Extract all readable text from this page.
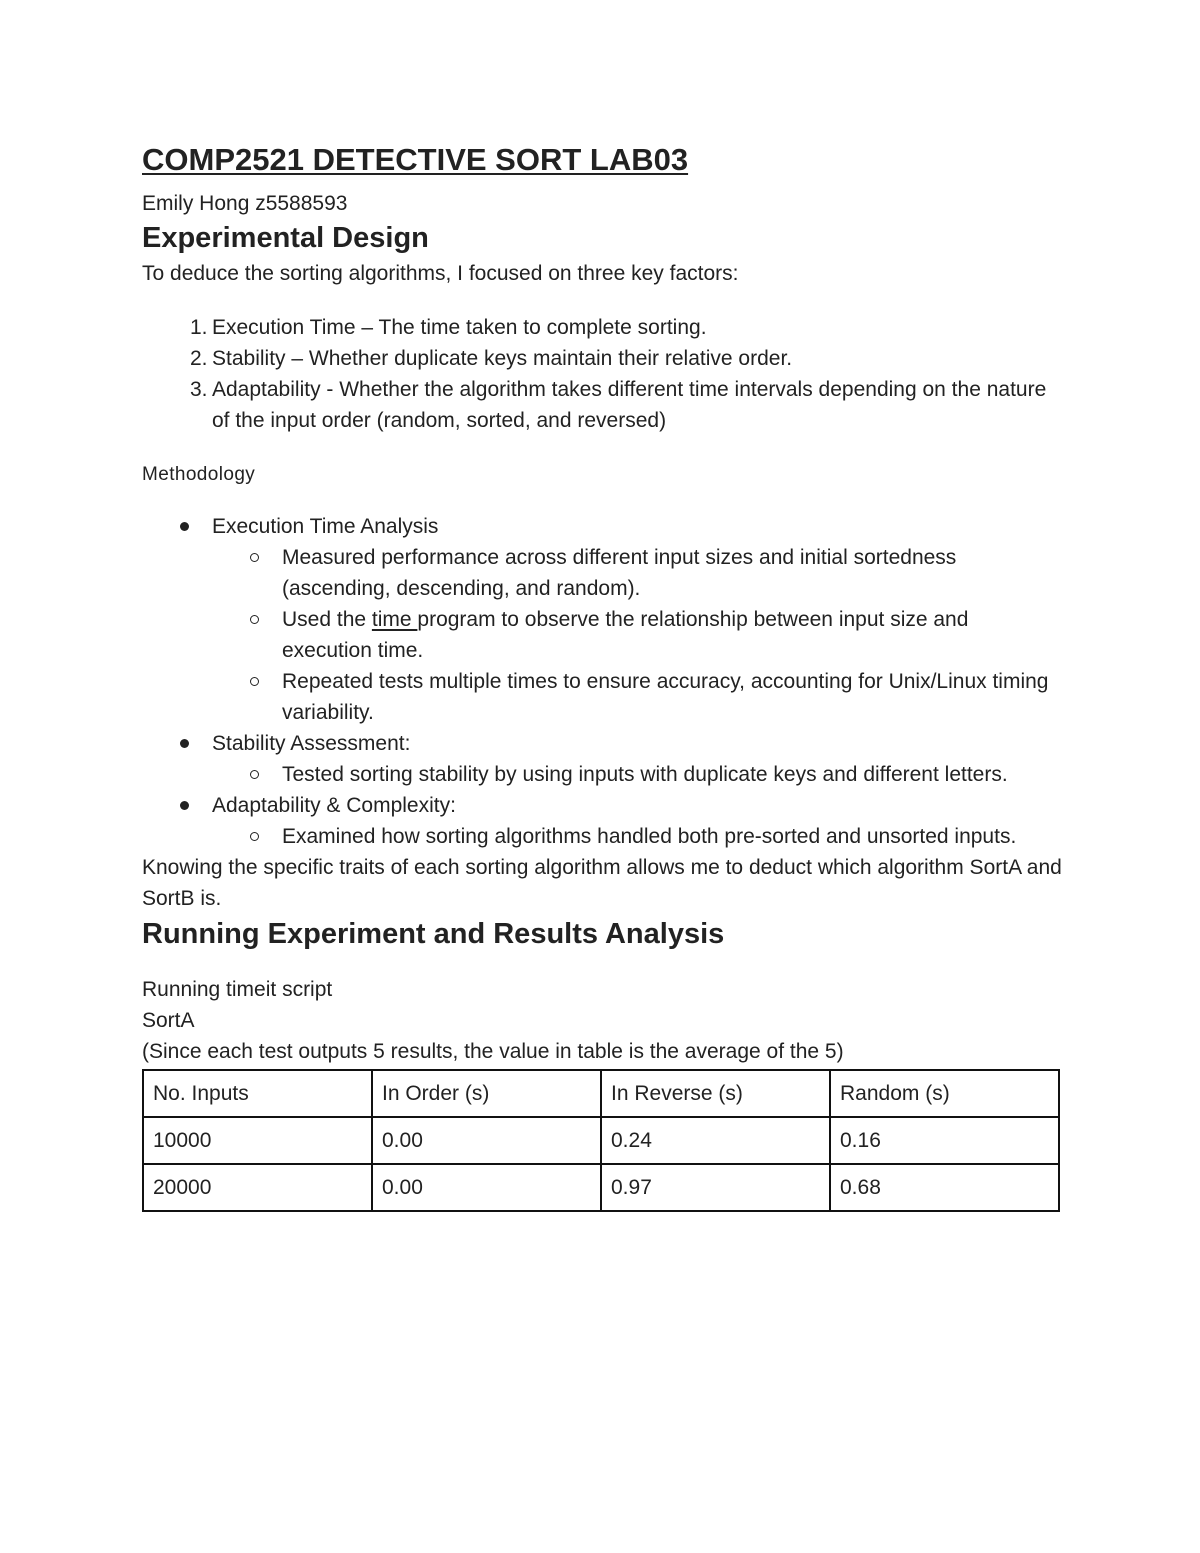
COMP2521 DETECTIVE SORT LAB03
Emily Hong z5588593
Experimental Design

To deduce the sorting algorithms, I focused on three key factors:

1. Execution Time – The time taken to complete sorting.
2. Stability – Whether duplicate keys maintain their relative order.
3. Adaptability - Whether the algorithm takes different time intervals depending on the nature of the input order (random, sorted, and reversed)
Methodology
Execution Time Analysis
Measured performance across different input sizes and initial sortedness (ascending, descending, and random).
Used the time program to observe the relationship between input size and execution time.
Repeated tests multiple times to ensure accuracy, accounting for Unix/Linux timing variability.
Stability Assessment:
Tested sorting stability by using inputs with duplicate keys and different letters.
Adaptability & Complexity:
Examined how sorting algorithms handled both pre-sorted and unsorted inputs.

Knowing the specific traits of each sorting algorithm allows me to deduct which algorithm SortA and SortB is.

Running Experiment and Results Analysis

Running timeit script

SortA

(Since each test outputs 5 results, the value in table is the average of the 5)

No. Inputs	In Order (s)	In Reverse (s)	Random (s)
10000	0.00	0.24	0.16
20000	0.00	0.97	0.68
